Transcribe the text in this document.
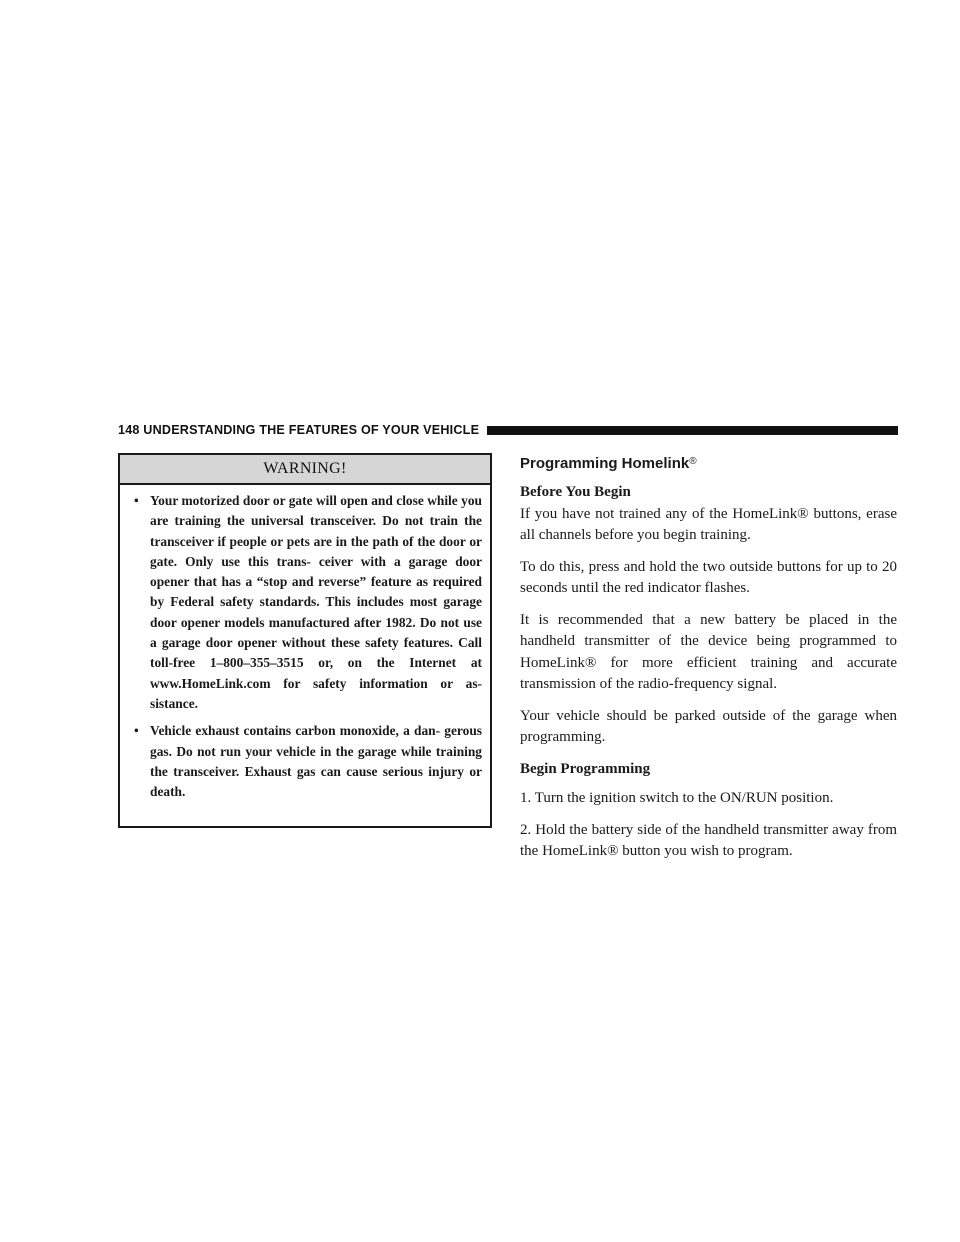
148 UNDERSTANDING THE FEATURES OF YOUR VEHICLE
WARNING!
• Your motorized door or gate will open and close while you are training the universal transceiver. Do not train the transceiver if people or pets are in the path of the door or gate. Only use this trans- ceiver with a garage door opener that has a “stop and reverse” feature as required by Federal safety standards. This includes most garage door opener models manufactured after 1982. Do not use a garage door opener without these safety features. Call toll-free 1–800–355–3515 or, on the Internet at www.HomeLink.com for safety information or as- sistance.
• Vehicle exhaust contains carbon monoxide, a dan- gerous gas. Do not run your vehicle in the garage while training the transceiver. Exhaust gas can cause serious injury or death.
Programming Homelink®

Before You Begin

If you have not trained any of the HomeLink® buttons, erase all channels before you begin training.

To do this, press and hold the two outside buttons for up to 20 seconds until the red indicator flashes.

It is recommended that a new battery be placed in the handheld transmitter of the device being programmed to HomeLink® for more efficient training and accurate transmission of the radio-frequency signal.

Your vehicle should be parked outside of the garage when programming.

Begin Programming

1. Turn the ignition switch to the ON/RUN position.

2. Hold the battery side of the handheld transmitter away from the HomeLink® button you wish to program.
